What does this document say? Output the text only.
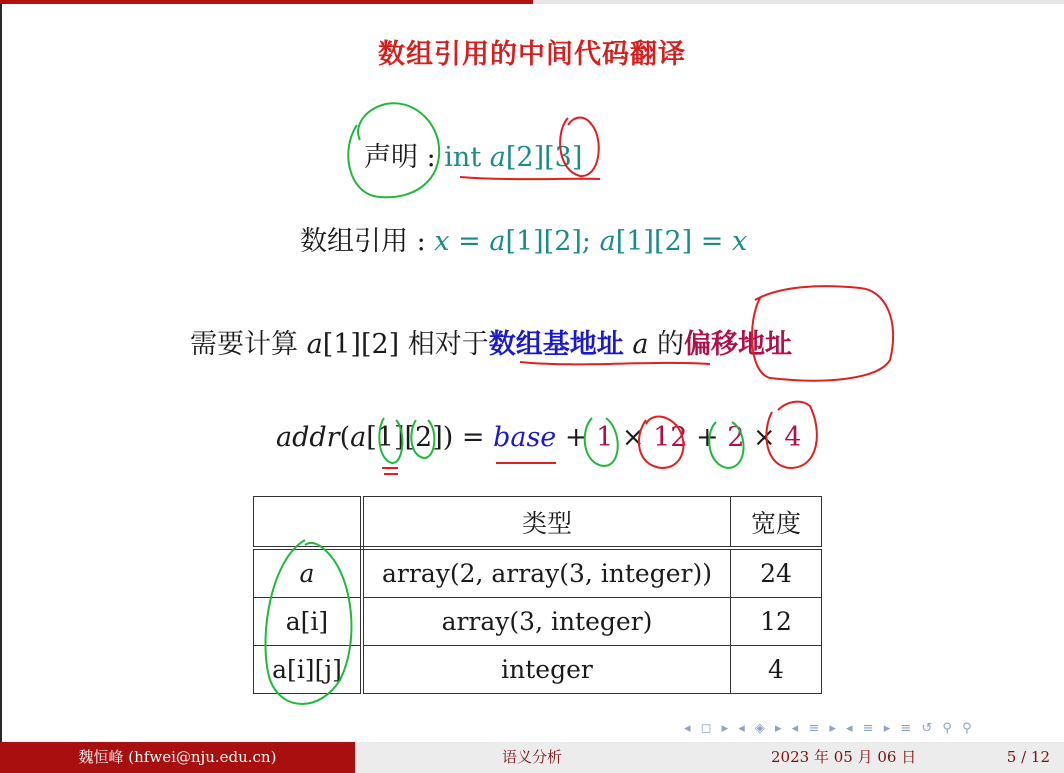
数组引用的中间代码翻译
声明 : int a[2][3]
数组引用 : x = a[1][2]; a[1][2] = x
需要计算 a[1][2] 相对于数组基地址 a 的偏移地址
addr(a[1][2]) = base + 1 × 12 + 2 × 4
	类型	宽度
a	array(2, array(3, integer))	24
a[i]	array(3, integer)	12
a[i][j]	integer	4
◂ ◻ ▸ ◂ ◈ ▸ ◂ ≡ ▸ ◂ ≡ ▸ ≡ ↺ ⚲ ⚲
魏恒峰 (hfwei@nju.edu.cn)	语义分析	2023 年 05 月 06 日	5 / 12
